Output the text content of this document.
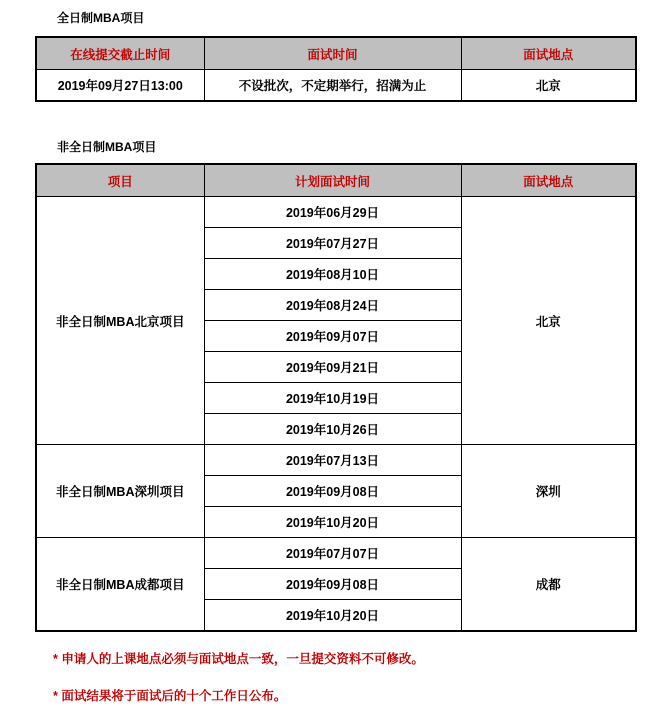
全日制MBA项目
在线提交截止时间	面试时间	面试地点
2019年09月27日13:00	不设批次，不定期举行，招满为止	北京
非全日制MBA项目
项目	计划面试时间	面试地点
非全日制MBA北京项目	2019年06月29日	北京
	2019年07月27日	
	2019年08月10日	
	2019年08月24日	
	2019年09月07日	
	2019年09月21日	
	2019年10月19日	
	2019年10月26日	
非全日制MBA深圳项目	2019年07月13日	深圳
	2019年09月08日	
	2019年10月20日	
非全日制MBA成都项目	2019年07月07日	成都
	2019年09月08日	
	2019年10月20日	
* 申请人的上课地点必须与面试地点一致，一旦提交资料不可修改。
* 面试结果将于面试后的十个工作日公布。
